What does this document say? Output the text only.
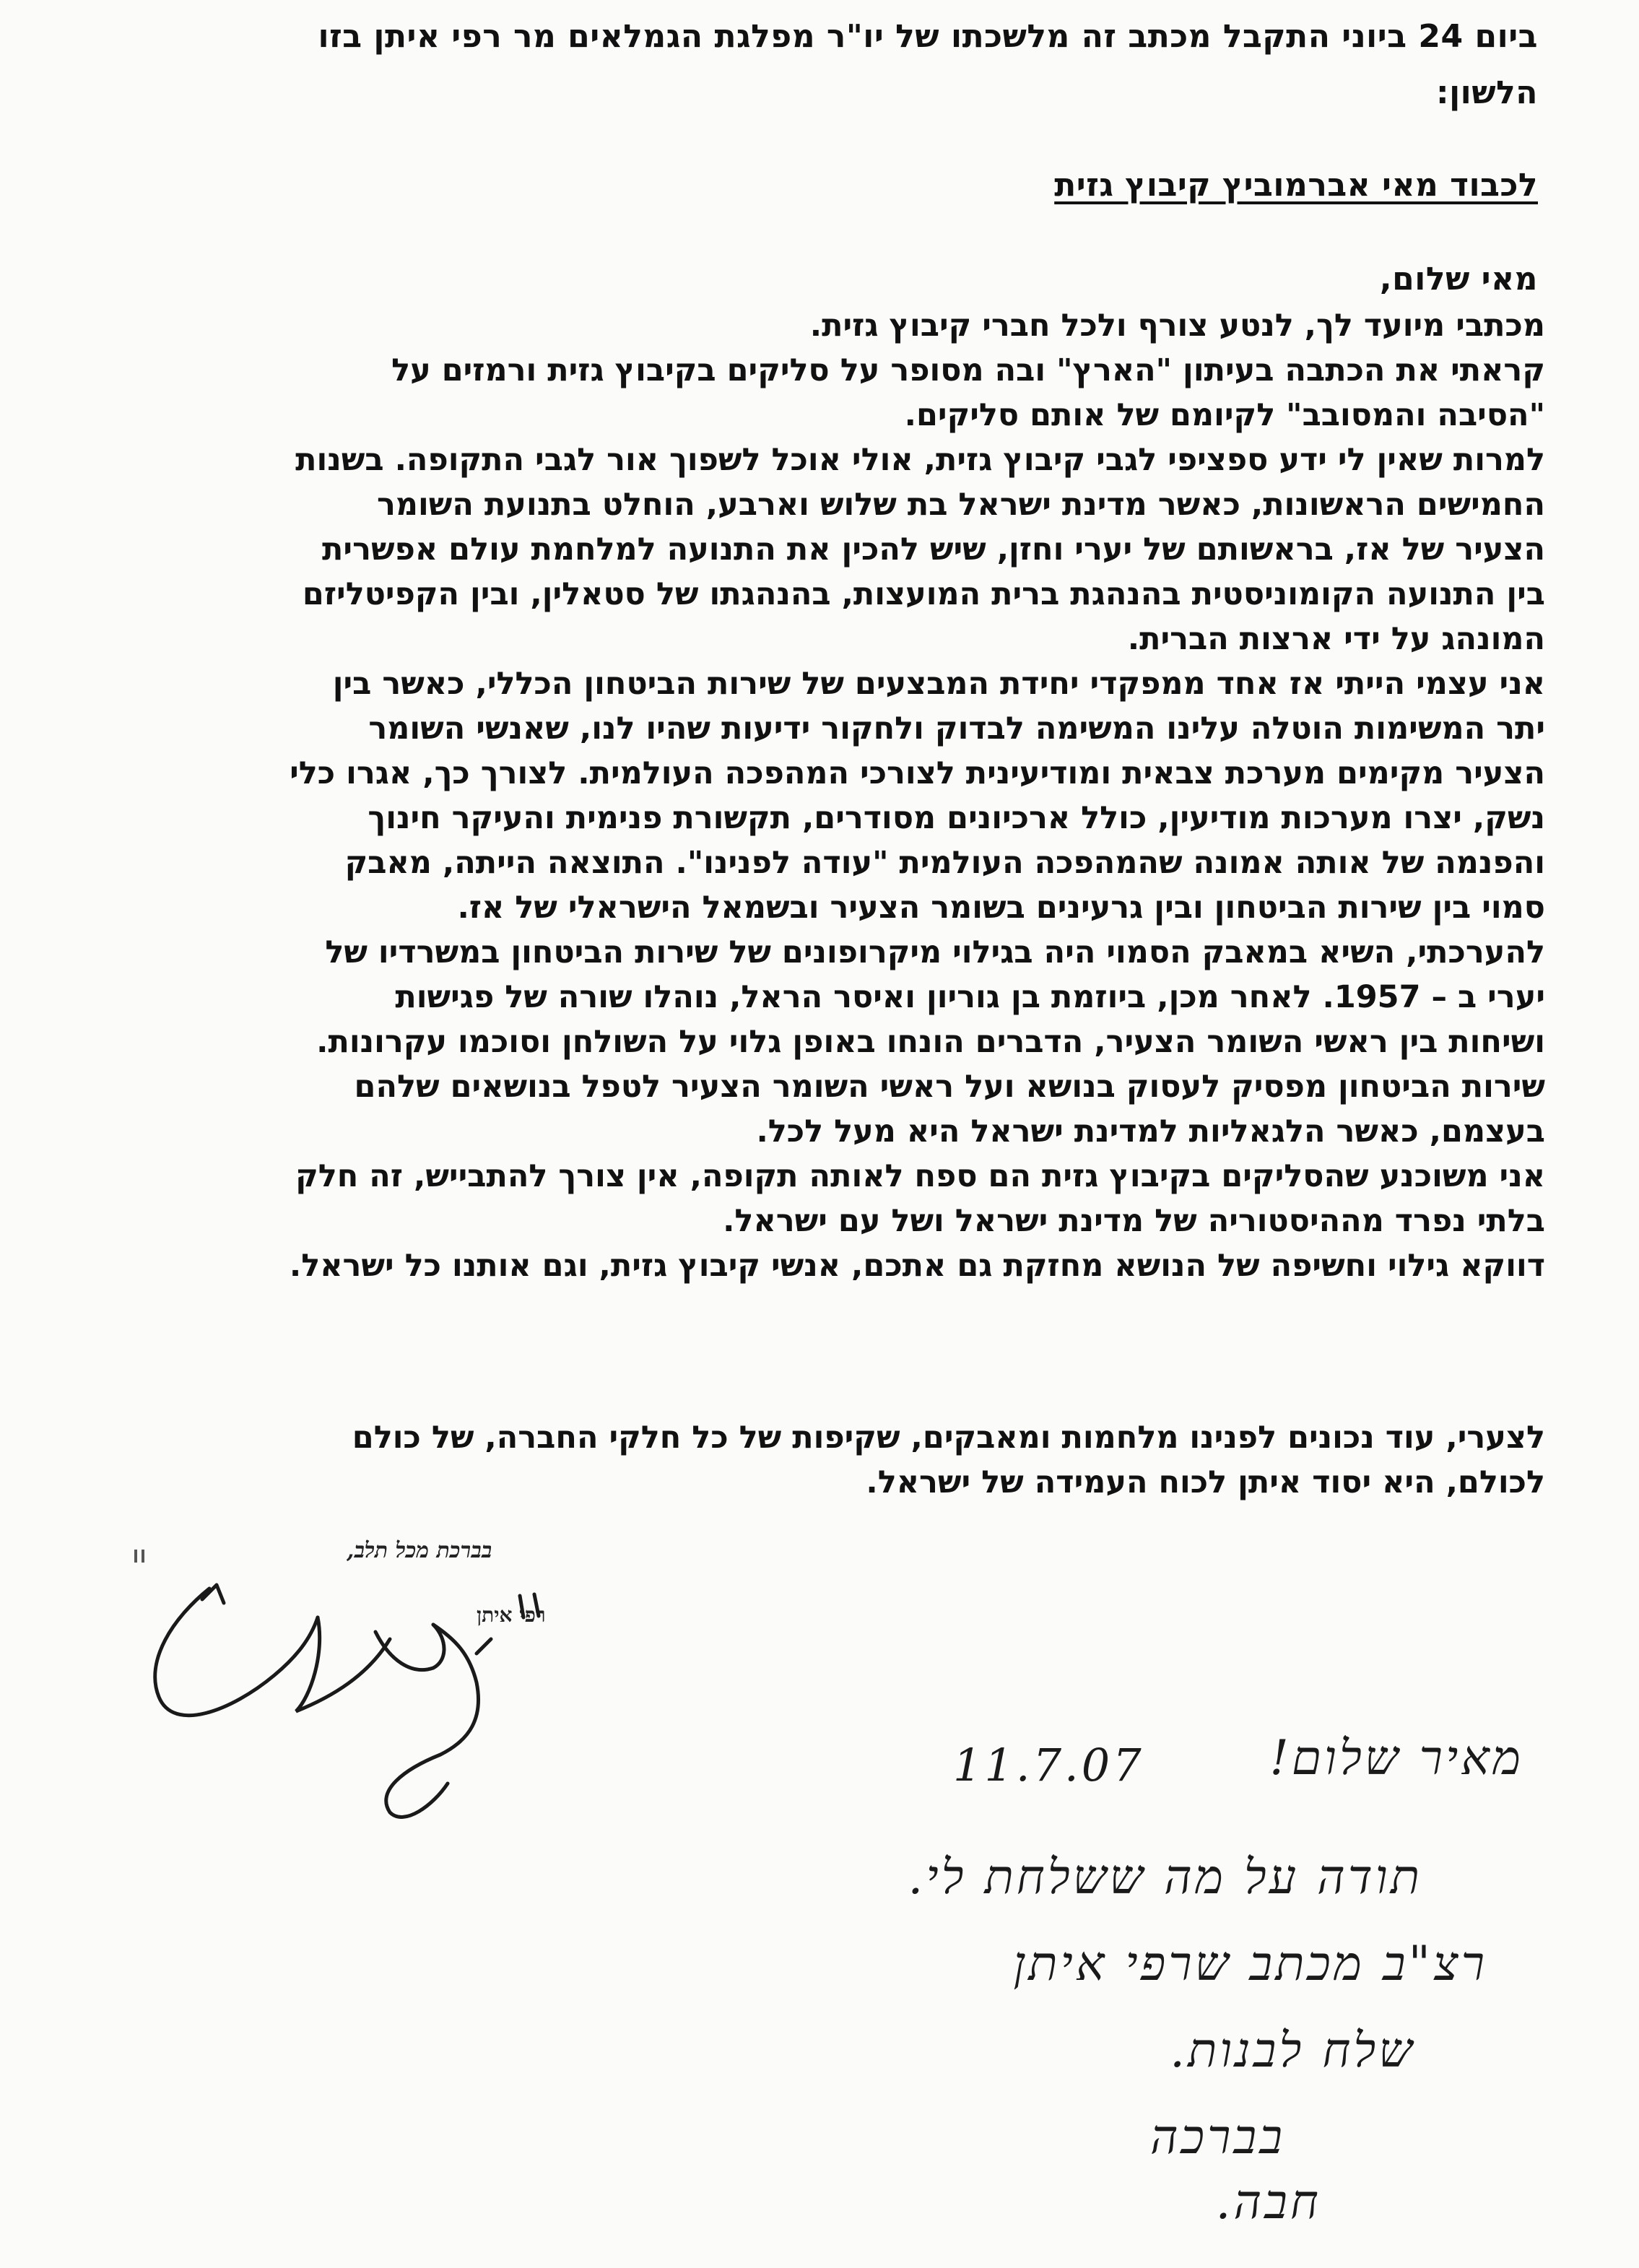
ביום 24 ביוני התקבל מכתב זה מלשכתו של יו"ר מפלגת הגמלאים מר רפי איתן בזו
הלשון:
לכבוד מאי אברמוביץ קיבוץ גזית
מאי שלום,
מכתבי מיועד לך, לנטע צורף ולכל חברי קיבוץ גזית.
קראתי את הכתבה בעיתון "הארץ" ובה מסופר על סליקים בקיבוץ גזית ורמזים על
"הסיבה והמסובב" לקיומם של אותם סליקים.
למרות שאין לי ידע ספציפי לגבי קיבוץ גזית, אולי אוכל לשפוך אור לגבי התקופה. בשנות
החמישים הראשונות, כאשר מדינת ישראל בת שלוש וארבע, הוחלט בתנועת השומר
הצעיר של אז, בראשותם של יערי וחזן, שיש להכין את התנועה למלחמת עולם אפשרית
בין התנועה הקומוניסטית בהנהגת ברית המועצות, בהנהגתו של סטאלין, ובין הקפיטליזם
המונהג על ידי ארצות הברית.
אני עצמי הייתי אז אחד ממפקדי יחידת המבצעים של שירות הביטחון הכללי, כאשר בין
יתר המשימות הוטלה עלינו המשימה לבדוק ולחקור ידיעות שהיו לנו, שאנשי השומר
הצעיר מקימים מערכת צבאית ומודיעינית לצורכי המהפכה העולמית. לצורך כך, אגרו כלי
נשק, יצרו מערכות מודיעין, כולל ארכיונים מסודרים, תקשורת פנימית והעיקר חינוך
והפנמה של אותה אמונה שהמהפכה העולמית "עודה לפנינו". התוצאה הייתה, מאבק
סמוי בין שירות הביטחון ובין גרעינים בשומר הצעיר ובשמאל הישראלי של אז.
להערכתי, השיא במאבק הסמוי היה בגילוי מיקרופונים של שירות הביטחון במשרדיו של
יערי ב – 1957. לאחר מכן, ביוזמת בן גוריון ואיסר הראל, נוהלו שורה של פגישות
ושיחות בין ראשי השומר הצעיר, הדברים הונחו באופן גלוי על השולחן וסוכמו עקרונות.
שירות הביטחון מפסיק לעסוק בנושא ועל ראשי השומר הצעיר לטפל בנושאים שלהם
בעצמם, כאשר הלגאליות למדינת ישראל היא מעל לכל.
אני משוכנע שהסליקים בקיבוץ גזית הם ספח לאותה תקופה, אין צורך להתבייש, זה חלק
בלתי נפרד מההיסטוריה של מדינת ישראל ושל עם ישראל.
דווקא גילוי וחשיפה של הנושא מחזקת גם אתכם, אנשי קיבוץ גזית, וגם אותנו כל ישראל.
לצערי, עוד נכונים לפנינו מלחמות ומאבקים, שקיפות של כל חלקי החברה, של כולם
לכולם, היא יסוד איתן לכוח העמידה של ישראל.
בברכת מכל תלב,
רפי איתן
11.7.07	מאיר שלום!
תודה על מה ששלחת לי.
רצ"ב מכתב שרפי איתן
שלח לבנות.
בברכה
חבה.
